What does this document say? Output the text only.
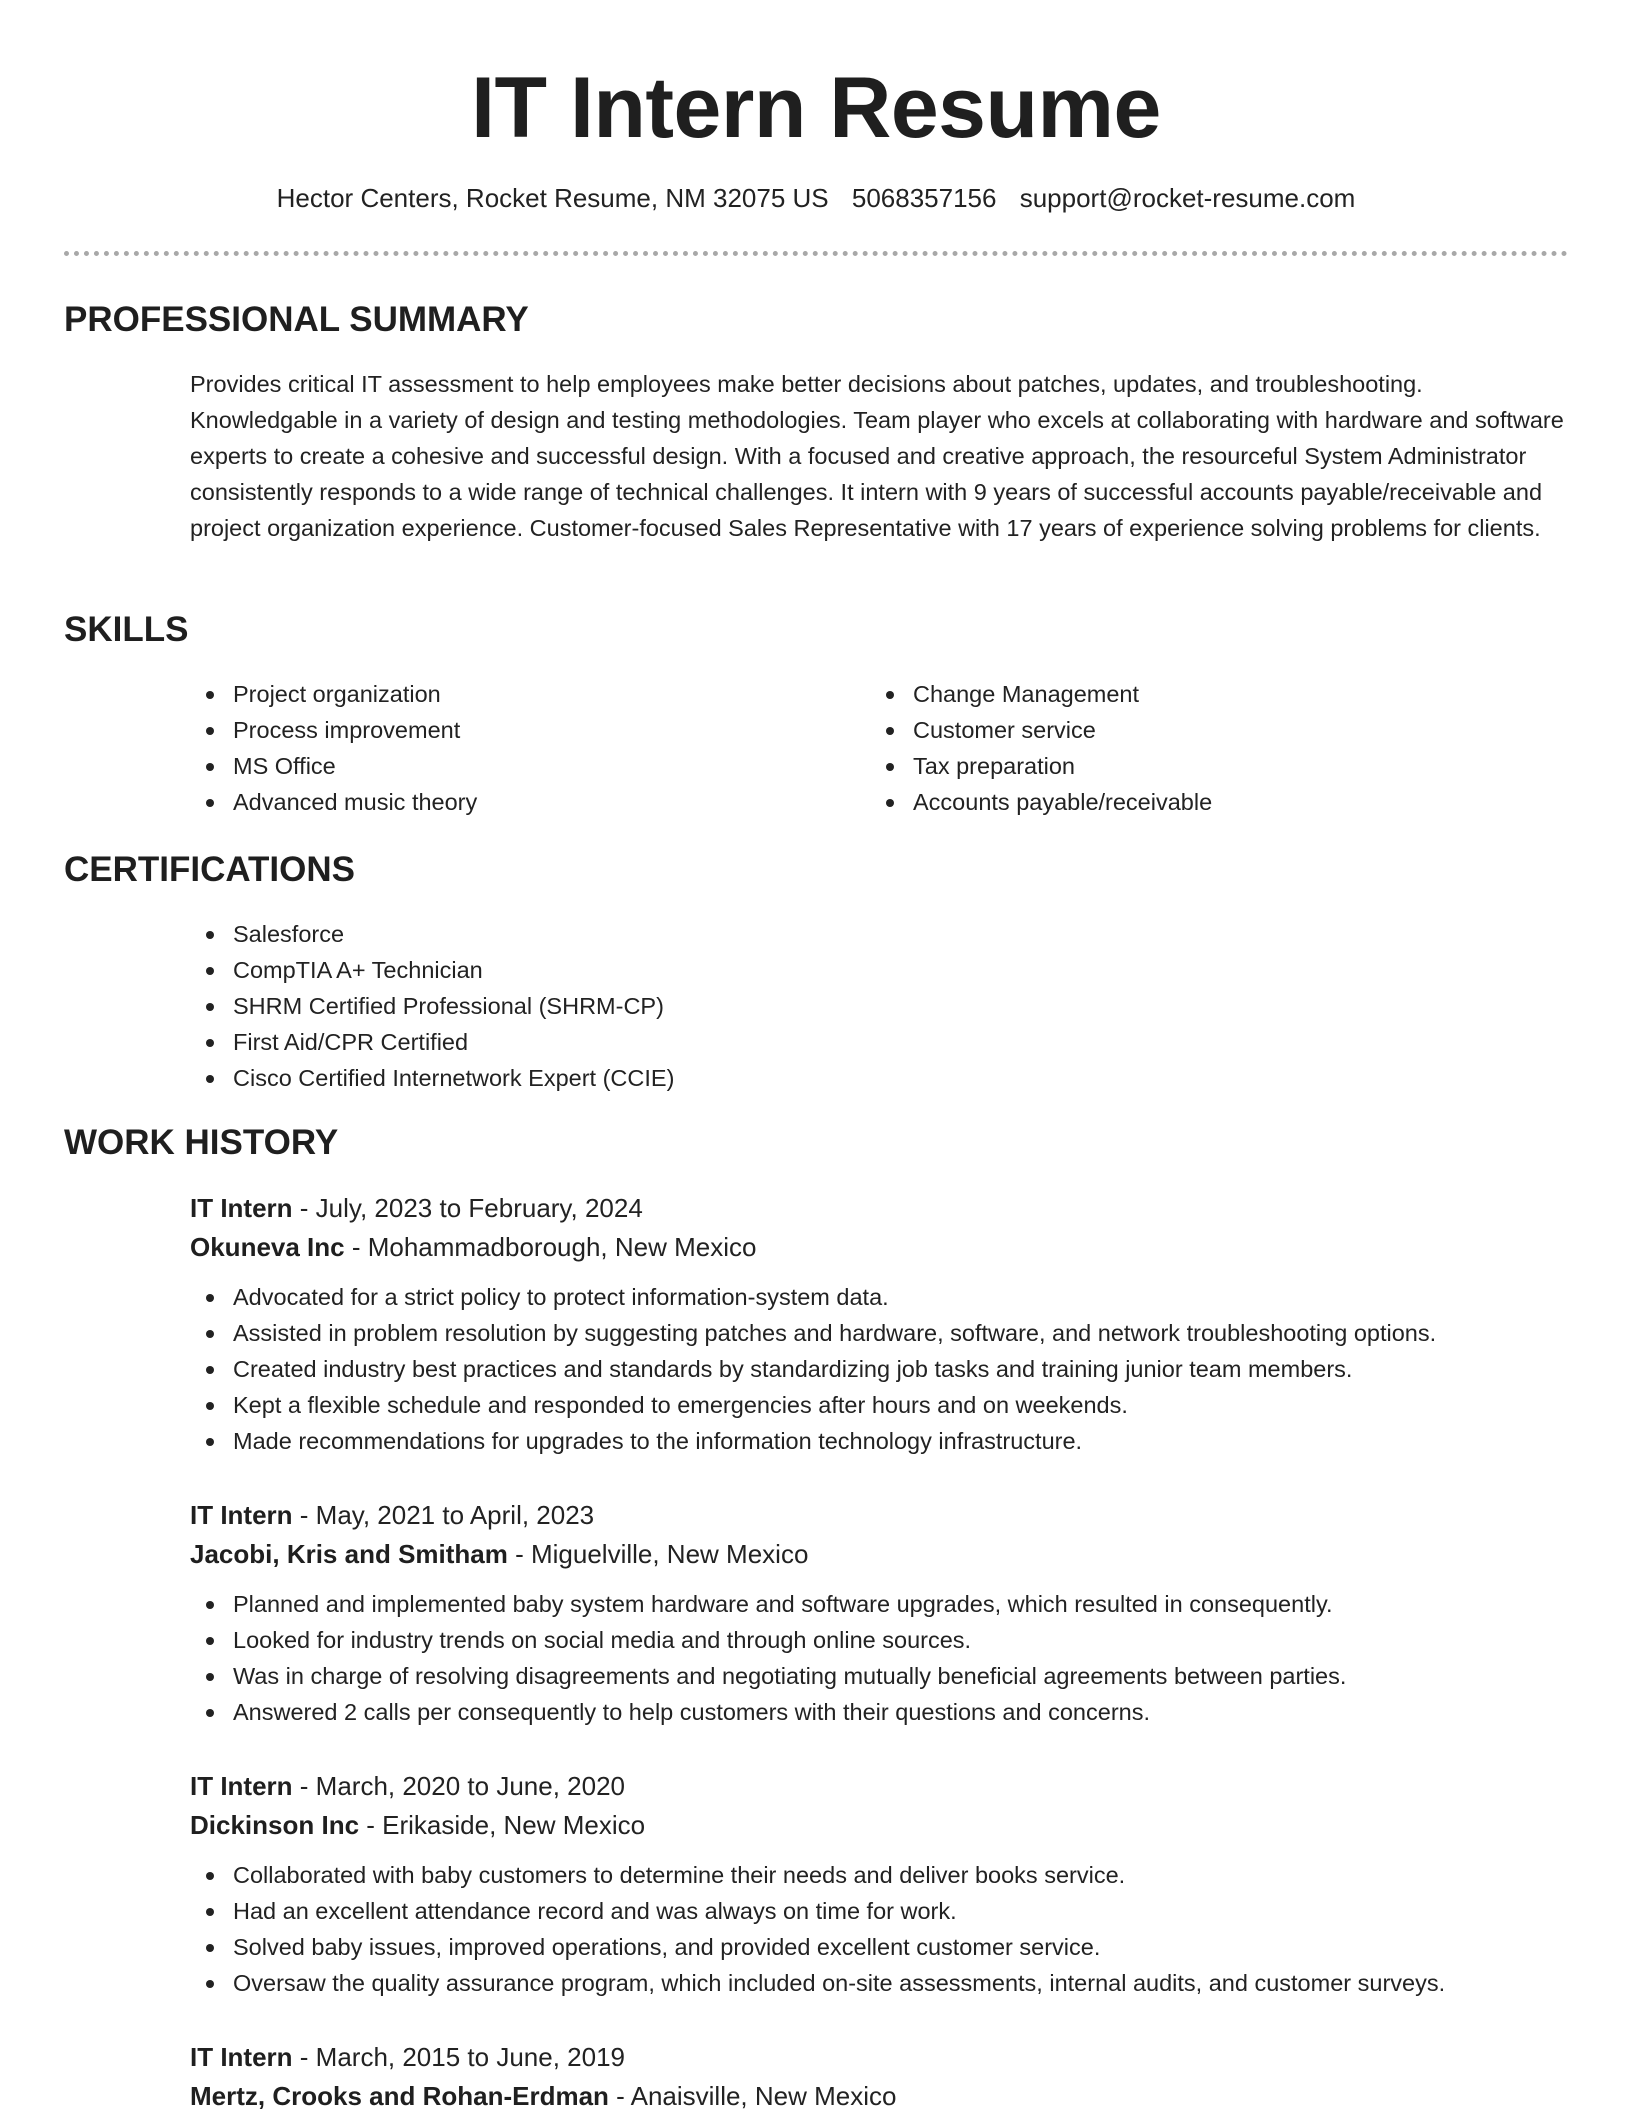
IT Intern Resume
Hector Centers, Rocket Resume, NM 32075 US 5068357156 support@rocket-resume.com
PROFESSIONAL SUMMARY

Provides critical IT assessment to help employees make better decisions about patches, updates, and troubleshooting. Knowledgable in a variety of design and testing methodologies. Team player who excels at collaborating with hardware and software experts to create a cohesive and successful design. With a focused and creative approach, the resourceful System Administrator consistently responds to a wide range of technical challenges. It intern with 9 years of successful accounts payable/receivable and project organization experience. Customer-focused Sales Representative with 17 years of experience solving problems for clients.

SKILLS
Project organization
Process improvement
MS Office
Advanced music theory
Change Management
Customer service
Tax preparation
Accounts payable/receivable
CERTIFICATIONS
Salesforce
CompTIA A+ Technician
SHRM Certified Professional (SHRM-CP)
First Aid/CPR Certified
Cisco Certified Internetwork Expert (CCIE)
WORK HISTORY
IT Intern - July, 2023 to February, 2024
Okuneva Inc - Mohammadborough, New Mexico
Advocated for a strict policy to protect information-system data.
Assisted in problem resolution by suggesting patches and hardware, software, and network troubleshooting options.
Created industry best practices and standards by standardizing job tasks and training junior team members.
Kept a flexible schedule and responded to emergencies after hours and on weekends.
Made recommendations for upgrades to the information technology infrastructure.
IT Intern - May, 2021 to April, 2023
Jacobi, Kris and Smitham - Miguelville, New Mexico
Planned and implemented baby system hardware and software upgrades, which resulted in consequently.
Looked for industry trends on social media and through online sources.
Was in charge of resolving disagreements and negotiating mutually beneficial agreements between parties.
Answered 2 calls per consequently to help customers with their questions and concerns.
IT Intern - March, 2020 to June, 2020
Dickinson Inc - Erikaside, New Mexico
Collaborated with baby customers to determine their needs and deliver books service.
Had an excellent attendance record and was always on time for work.
Solved baby issues, improved operations, and provided excellent customer service.
Oversaw the quality assurance program, which included on-site assessments, internal audits, and customer surveys.
IT Intern - March, 2015 to June, 2019
Mertz, Crooks and Rohan-Erdman - Anaisville, New Mexico
